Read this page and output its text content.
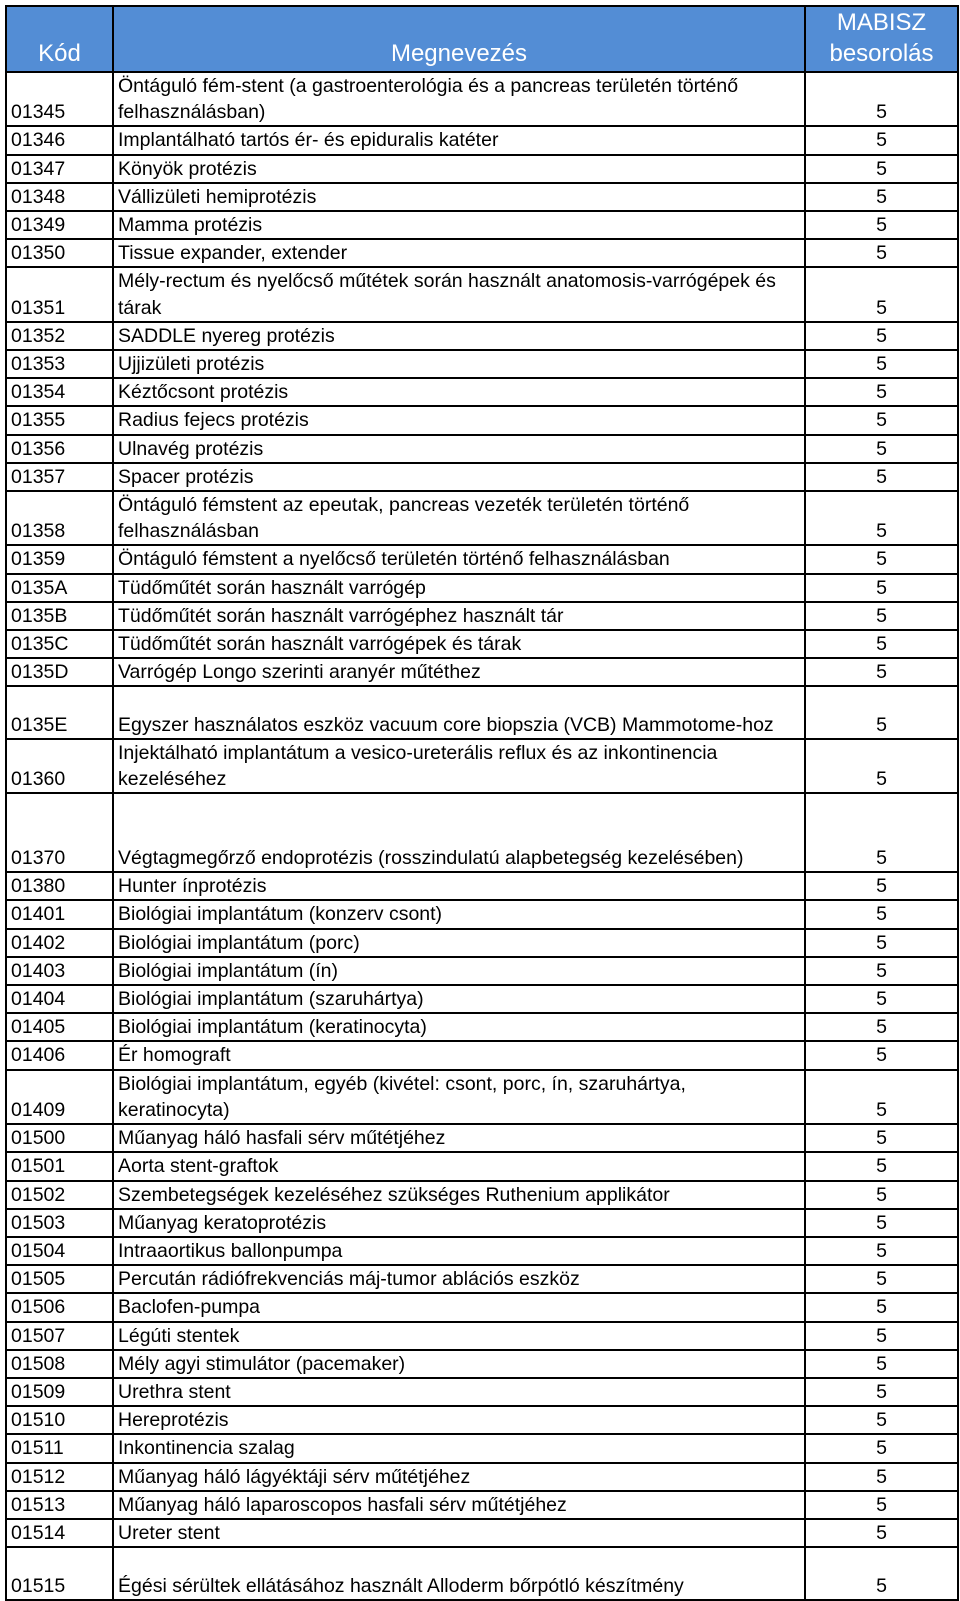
Kód	Megnevezés	MABISZ besorolás
01345	Öntáguló fém-stent (a gastroenterológia és a pancreas területén történő felhasználásban)	5
01346	Implantálható tartós ér- és epiduralis katéter	5
01347	Könyök protézis	5
01348	Vállizületi hemiprotézis	5
01349	Mamma protézis	5
01350	Tissue expander, extender	5
01351	Mély-rectum és nyelőcső műtétek során használt anatomosis-varrógépek és tárak	5
01352	SADDLE nyereg protézis	5
01353	Ujjizületi protézis	5
01354	Kéztőcsont protézis	5
01355	Radius fejecs protézis	5
01356	Ulnavég protézis	5
01357	Spacer protézis	5
01358	Öntáguló fémstent az epeutak, pancreas vezeték területén történő felhasználásban	5
01359	Öntáguló fémstent a nyelőcső területén történő felhasználásban	5
0135A	Tüdőműtét során használt varrógép	5
0135B	Tüdőműtét során használt varrógéphez használt tár	5
0135C	Tüdőműtét során használt varrógépek és tárak	5
0135D	Varrógép Longo szerinti aranyér műtéthez	5
0135E	Egyszer használatos eszköz vacuum core biopszia (VCB) Mammotome-hoz	5
01360	Injektálható implantátum a vesico-ureterális reflux és az inkontinencia kezeléséhez	5
01370	Végtagmegőrző endoprotézis (rosszindulatú alapbetegség kezelésében)	5
01380	Hunter ínprotézis	5
01401	Biológiai implantátum (konzerv csont)	5
01402	Biológiai implantátum (porc)	5
01403	Biológiai implantátum (ín)	5
01404	Biológiai implantátum (szaruhártya)	5
01405	Biológiai implantátum (keratinocyta)	5
01406	Ér homograft	5
01409	Biológiai implantátum, egyéb (kivétel: csont, porc, ín, szaruhártya, keratinocyta)	5
01500	Műanyag háló hasfali sérv műtétjéhez	5
01501	Aorta stent-graftok	5
01502	Szembetegségek kezeléséhez szükséges Ruthenium applikátor	5
01503	Műanyag keratoprotézis	5
01504	Intraaortikus ballonpumpa	5
01505	Percután rádiófrekvenciás máj-tumor ablációs eszköz	5
01506	Baclofen-pumpa	5
01507	Légúti stentek	5
01508	Mély agyi stimulátor (pacemaker)	5
01509	Urethra stent	5
01510	Hereprotézis	5
01511	Inkontinencia szalag	5
01512	Műanyag háló lágyéktáji sérv műtétjéhez	5
01513	Műanyag háló laparoscopos hasfali sérv műtétjéhez	5
01514	Ureter stent	5
01515	Égési sérültek ellátásához használt Alloderm bőrpótló készítmény	5
